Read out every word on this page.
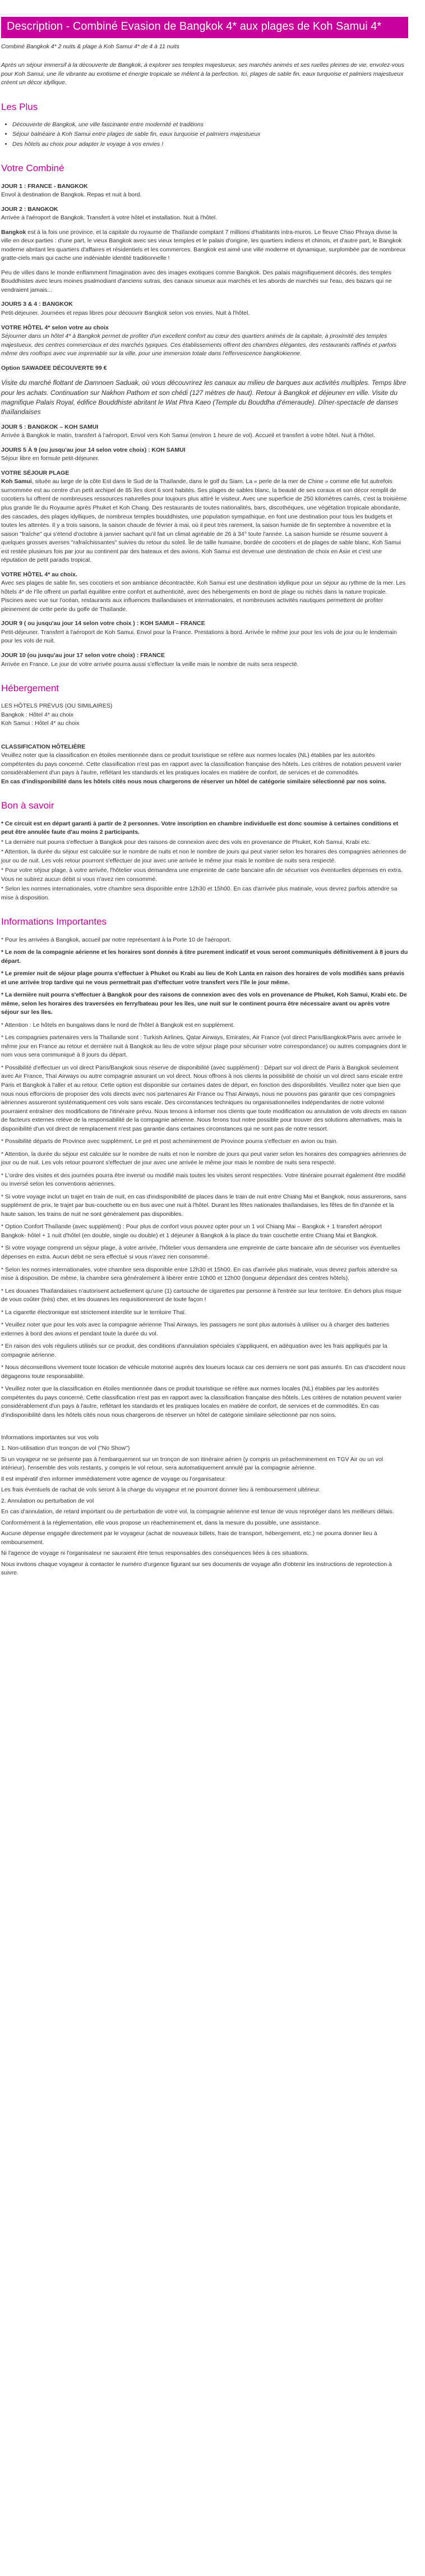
Description - Combiné Evasion de Bangkok 4* aux plages de Koh Samui 4*

Combiné Bangkok 4* 2 nuits & plage à Koh Samui 4* de 4 à 11 nuits

Après un séjour immersif à la découverte de Bangkok, à explorer ses temples majestueux, ses marchés animés et ses ruelles pleines de vie, envolez-vous pour Koh Samui, une île vibrante au exotisme et énergie tropicale se mêlent à la perfection. Ici, plages de sable fin, eaux turquoise et palmiers majestueux créent un décor idyllique.

Les Plus
• Découverte de Bangkok, une ville fascinante entre modernité et traditions
• Séjour balnéaire à Koh Samui entre plages de sable fin, eaux turquoise et palmiers majestueux
• Des hôtels au choix pour adapter le voyage à vos envies !
Votre Combiné

JOUR 1 : FRANCE - BANGKOK

Envol à destination de Bangkok. Repas et nuit à bord.

JOUR 2 : BANGKOK

Arrivée à l'aéroport de Bangkok. Transfert à votre hôtel et installation. Nuit à l'hôtel.

Bangkok est à la fois une province, et la capitale du royaume de Thaïlande comptant 7 millions d'habitants intra-muros. Le fleuve Chao Phraya divise la ville en deux parties : d'une part, le vieux Bangkok avec ses vieux temples et le palais d'origine, les quartiers indiens et chinois, et d'autre part, le Bangkok moderne abritant les quartiers d'affaires et résidentiels et les commerces. Bangkok est aimé une ville moderne et dynamique, surplombée par de nombreux gratte-ciels mais qui cache une indéniable identité traditionnelle !

Peu de villes dans le monde enflamment l'imagination avec des images exotiques comme Bangkok. Des palais magnifiquement décorés, des temples Bouddhistes avec leurs moines psalmodiant d'anciens sutras, des canaux sinueux aux marchés et les abords de marchés sur l'eau, des bazars qui ne vendraient jamais...

JOURS 3 & 4 : BANGKOK

Petit-déjeuner. Journées et repas libres pour découvrir Bangkok selon vos envies. Nuit à l'hôtel.

VOTRE HÔTEL 4* selon votre au choix

Séjourner dans un hôtel 4* à Bangkok permet de profiter d'un excellent confort au cœur des quartiers animés de la capitale, à proximité des temples majestueux, des centres commerciaux et des marchés typiques. Ces établissements offrent des chambres élégantes, des restaurants raffinés et parfois même des rooftops avec vue imprenable sur la ville, pour une immersion totale dans l'effervescence bangkokienne.

Option SAWADEE DÉCOUVERTE 99 €

Visite du marché flottant de Damnoen Saduak, où vous découvrirez les canaux au milieu de barques aux activités multiples. Temps libre pour les achats. Continuation sur Nakhon Pathom et son chédi (127 mètres de haut). Retour à Bangkok et déjeuner en ville. Visite du magnifique Palais Royal, édifice Bouddhiste abritant le Wat Phra Kaeo (Temple du Bouddha d'émeraude). Dîner-spectacle de danses thaïlandaises

JOUR 5 : BANGKOK – KOH SAMUI

Arrivée à Bangkok le matin, transfert à l'aéroport. Envol vers Koh Samui (environ 1 heure de vol). Accueil et transfert à votre hôtel. Nuit à l'hôtel.

JOURS 5 À 9 (ou jusqu'au jour 14 selon votre choix) : KOH SAMUI

Séjour libre en formule petit-déjeuner.

VOTRE SÉJOUR PLAGE

Koh Samui, située au large de la côte Est dans le Sud de la Thaïlande, dans le golf du Siam. La « perle de la mer de Chine » comme elle fut autrefois surnommée est au centre d'un petit archipel de 85 îles dont 6 sont habités. Ses plages de sables blanc, la beauté de ses coraux et son décor remplit de cocotiers lui offrent de nombreuses ressources naturelles pour toujours plus attiré le visiteur. Avec une superficie de 250 kilomètres carrés, c'est la troisième plus grande île du Royaume après Phuket et Koh Chang. Des restaurants de toutes nationalités, bars, discothèques, une végétation tropicale abondante, des cascades, des plages idylliques, de nombreux temples bouddhistes, une population sympathique, en font une destination pour tous les budgets et toutes les attentes. Il y a trois saisons, la saison chaude de février à mai, où il peut très rarement, la saison humide de fin septembre à novembre et la saison "fraîche" qui s'étend d'octobre à janvier sachant qu'il fait un climat agréable de 26 à 34° toute l'année. La saison humide se résume souvent à quelques grosses averses "rafraîchissantes" suivies du retour du soleil. Île de taille humaine, bordée de cocotiers et de plages de sable blanc, Koh Samui est restée plusieurs fois par jour au continent par des bateaux et des avions. Koh Samui est devenue une destination de choix en Asie et c'est une réputation de petit paradis tropical.

VOTRE HÔTEL 4* au choix.

Avec ses plages de sable fin, ses cocotiers et son ambiance décontractée, Koh Samui est une destination idyllique pour un séjour au rythme de la mer. Les hôtels 4* de l'île offrent un parfait équilibre entre confort et authenticité, avec des hébergements en bord de plage ou nichés dans la nature tropicale. Piscines avec vue sur l'océan, restaurants aux influences thaïlandaises et internationales, et nombreuses activités nautiques permettent de profiter pleinement de cette perle du golfe de Thaïlande.

JOUR 9 ( ou jusqu'au jour 14 selon votre choix ) : KOH SAMUI – FRANCE

Petit-déjeuner. Transfert à l'aéroport de Koh Samui. Envol pour la France. Prestations à bord. Arrivée le même jour pour les vols de jour ou le lendemain pour les vols de nuit.

JOUR 10 (ou jusqu'au jour 17 selon votre choix) : FRANCE

Arrivée en France. Le jour de votre arrivée pourra aussi s'effectuer la veille mais le nombre de nuits sera respecté.

Hébergement

LES HÔTELS PRÉVUS (OU SIMILAIRES)

Bangkok : Hôtel 4* au choix

Koh Samui : Hôtel 4* au choix

CLASSIFICATION HÔTELIÈRE

Veuillez noter que la classification en étoiles mentionnée dans ce produit touristique se réfère aux normes locales (NL) établies par les autorités compétentes du pays concerné. Cette classification n'est pas en rapport avec la classification française des hôtels. Les critères de notation peuvent varier considérablement d'un pays à l'autre, reflétant les standards et les pratiques locales en matière de confort, de services et de commodités.

En cas d'indisponibilité dans les hôtels cités nous nous chargerons de réserver un hôtel de catégorie similaire sélectionné par nos soins.

Bon à savoir

* Ce circuit est en départ garanti à partir de 2 personnes. Votre inscription en chambre individuelle est donc soumise à certaines conditions et peut être annulée faute d'au moins 2 participants.

* La dernière nuit pourra s'effectuer à Bangkok pour des raisons de connexion avec des vols en provenance de Phuket, Koh Samui, Krabi etc.

* Attention, la durée du séjour est calculée sur le nombre de nuits et non le nombre de jours qui peut varier selon les horaires des compagnies aériennes de jour ou de nuit. Les vols retour pourront s'effectuer de jour avec une arrivée le même jour mais le nombre de nuits sera respecté.

* Pour votre séjour plage, à votre arrivée, l'hôtelier vous demandera une empreinte de carte bancaire afin de sécuriser vos éventuelles dépenses en extra. Vous ne subirez aucun débit si vous n'avez rien consommé.

* Selon les normes internationales, votre chambre sera disponible entre 12h30 et 15h00. En cas d'arrivée plus matinale, vous devrez parfois attendre sa mise à disposition.

Informations Importantes

* Pour les arrivées à Bangkok, accueil par notre représentant à la Porte 10 de l'aéroport.

* Le nom de la compagnie aérienne et les horaires sont donnés à titre purement indicatif et vous seront communiqués définitivement à 8 jours du départ.

* Le premier nuit de séjour plage pourra s'effectuer à Phuket ou Krabi au lieu de Koh Lanta en raison des horaires de vols modifiés sans préavis et une arrivée trop tardive qui ne vous permettrait pas d'effectuer votre transfert vers l'île le jour même.

* La dernière nuit pourra s'effectuer à Bangkok pour des raisons de connexion avec des vols en provenance de Phuket, Koh Samui, Krabi etc. De même, selon les horaires des traversées en ferry/bateau pour les îles, une nuit sur le continent pourra être nécessaire avant ou après votre séjour sur les îles.

* Attention : Le hôtels en bungalows dans le nord de l'hôtel à Bangkok est en supplément.

* Les compagnies partenaires vers la Thaïlande sont : Turkish Airlines, Qatar Airways, Emirates, Air France (vol direct Paris/Bangkok/Paris avec arrivée le même jour en France au retour et dernière nuit à Bangkok au lieu de votre séjour plage pour sécuriser votre correspondance) ou autres compagnies dont le nom vous sera communiqué à 8 jours du départ.

* Possibilité d'effectuer un vol direct Paris/Bangkok sous réserve de disponibilité (avec supplément) : Départ sur vol direct de Paris à Bangkok seulement avec Air France, Thaï Airways ou autre compagnie assurant un vol direct. Nous offrons à nos clients la possibilité de choisir un vol direct sans escale entre Paris et Bangkok à l'aller et au retour. Cette option est disponible sur certaines dates de départ, en fonction des disponibilités. Veuillez noter que bien que nous nous efforcions de proposer des vols directs avec nos partenaires Air France ou Thaï Airways, nous ne pouvons pas garantir que ces compagnies aériennes assureront systématiquement ces vols sans escale. Des circonstances techniques ou organisationnelles indépendantes de notre volonté pourraient entraîner des modifications de l'itinéraire prévu. Nous tenons à informer nos clients que toute modification ou annulation de vols directs en raison de facteurs externes relève de la responsabilité de la compagnie aérienne. Nous ferons tout notre possible pour trouver des solutions alternatives, mais la disponibilité d'un vol direct de remplacement n'est pas garantie dans certaines circonstances qui ne sont pas de notre ressort.

* Possibilité départs de Province avec supplément. Le pré et post acheminement de Province pourra s'effectuer en avion ou train.

* Attention, la durée du séjour est calculée sur le nombre de nuits et non le nombre de jours qui peut varier selon les horaires des compagnies aériennes de jour ou de nuit. Les vols retour pourront s'effectuer de jour avec une arrivée le même jour mais le nombre de nuits sera respecté.

* L'ordre des visites et des journées pourra être inversé ou modifié mais toutes les visites seront respectées. Votre itinéraire pourrait également être modifié ou inversé selon les conventions aériennes.

* Si votre voyage inclut un trajet en train de nuit, en cas d'indisponibilité de places dans le train de nuit entre Chiang Mai et Bangkok, nous assurerons, sans supplément de prix, le trajet par bus-couchette ou en bus avec une nuit à l'hôtel. Durant les fêtes nationales thaïlandaises, les fêtes de fin d'année et la haute saison, les trains de nuit ne sont généralement pas disponibles.

* Option Confort Thaïlande (avec supplément) : Pour plus de confort vous pouvez opter pour un 1 vol Chiang Mai – Bangkok + 1 transfert aéroport Bangkok- hôtel + 1 nuit d'hôtel (en double, single ou double) et 1 déjeuner à Bangkok à la place du train couchette entre Chiang Mai et Bangkok.

* Si votre voyage comprend un séjour plage, à votre arrivée, l'hôtelier vous demandera une empreinte de carte bancaire afin de sécuriser vos éventuelles dépenses en extra. Aucun débit ne sera effectué si vous n'avez rien consommé.

* Selon les normes internationales, votre chambre sera disponible entre 12h30 et 15h00. En cas d'arrivée plus matinale, vous devrez parfois attendre sa mise à disposition. De même, la chambre sera généralement à libérer entre 10h00 et 12h00 (longueur dépendant des centres hôtels).

* Les douanes Thaïlandaises n'autorisent actuellement qu'une (1) cartouche de cigarettes par personne à l'entrée sur leur territoire. En dehors plus risque de vous coûter (très) cher, et les douanes les requisitionneront de toute façon !

* La cigarette électronique est strictement interdite sur le territoire Thaï.

* Veuillez noter que pour les vols avec la compagnie aérienne Thaï Airways, les passagers ne sont plus autorisés à utiliser ou à charger des batteries externes à bord des avions et pendant toute la durée du vol.

* En raison des vols réguliers utilisés sur ce produit, des conditions d'annulation spéciales s'appliquent, en adéquation avec les frais appliqués par la compagnie aérienne.

* Nous déconseillons vivement toute location de véhicule motorisé auprès des loueurs locaux car ces derniers ne sont pas assurés. En cas d'accident nous dégageons toute responsabilité.

* Veuillez noter que la classification en étoiles mentionnée dans ce produit touristique se réfère aux normes locales (NL) établies par les autorités compétentes du pays concerné. Cette classification n'est pas en rapport avec la classification française des hôtels. Les critères de notation peuvent varier considérablement d'un pays à l'autre, reflétant les standards et les pratiques locales en matière de confort, de services et de commodités. En cas d'indisponibilité dans les hôtels cités nous nous chargerons de réserver un hôtel de catégorie similaire sélectionné par nos soins.

Informations importantes sur vos vols

1. Non-utilisation d'un tronçon de vol ("No Show")

Si un voyageur ne se présente pas à l'embarquement sur un tronçon de son itinéraire aérien (y compris un préacheminement en TGV Air ou un vol intérieur), l'ensemble des vols restants, y compris le vol retour, sera automatiquement annulé par la compagnie aérienne.

Il est impératif d'en informer immédiatement votre agence de voyage ou l'organisateur.

Les frais éventuels de rachat de vols seront à la charge du voyageur et ne pourront donner lieu à remboursement ultérieur.

2. Annulation ou perturbation de vol

En cas d'annulation, de retard important ou de perturbation de votre vol, la compagnie aérienne est tenue de vous reprotéger dans les meilleurs délais.

Conformément à la réglementation, elle vous propose un réacheminement et, dans la mesure du possible, une assistance.

Aucune dépense engagée directement par le voyageur (achat de nouveaux billets, frais de transport, hébergement, etc.) ne pourra donner lieu à remboursement.

Ni l'agence de voyage ni l'organisateur ne sauraient être tenus responsables des conséquences liées à ces situations.

Nous invitons chaque voyageur à contacter le numéro d'urgence figurant sur ses documents de voyage afin d'obtenir les instructions de reprotection à suivre.
